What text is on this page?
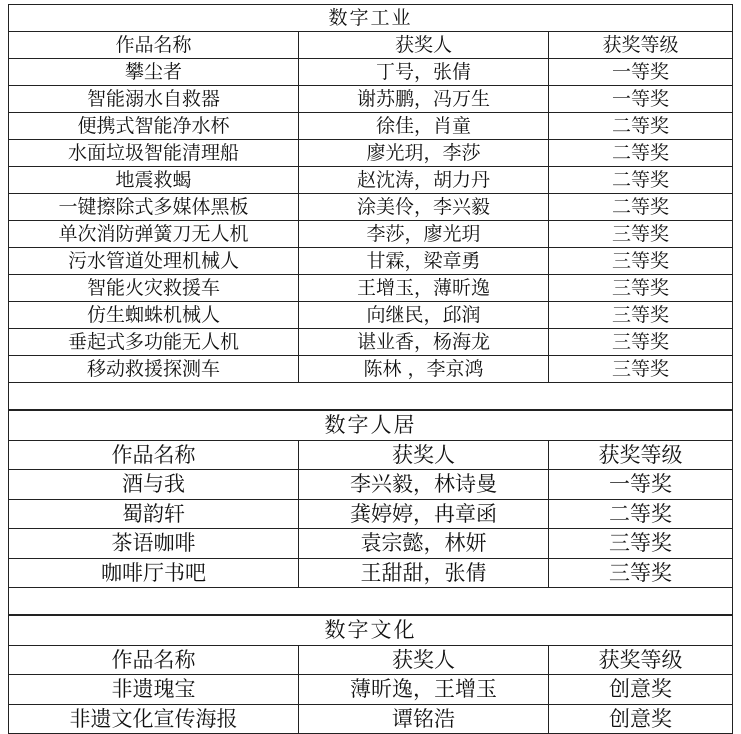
数字工业		
作品名称	获奖人	获奖等级
攀尘者	丁号，张倩	一等奖
智能溺水自救器	谢苏鹏，冯万生	一等奖
便携式智能净水杯	徐佳，肖童	二等奖
水面垃圾智能清理船	廖光玥，李莎	二等奖
地震救蝎	赵沈涛，胡力丹	二等奖
一键擦除式多媒体黑板	涂美伶，李兴毅	二等奖
单次消防弹簧刀无人机	李莎，廖光玥	三等奖
污水管道处理机械人	甘霖，梁章勇	三等奖
智能火灾救援车	王增玉，薄昕逸	三等奖
仿生蜘蛛机械人	向继民，邱润	三等奖
垂起式多功能无人机	谌业香，杨海龙	三等奖
移动救援探测车	陈林 ，李京鸿	三等奖

数字人居		
作品名称	获奖人	获奖等级
酒与我	李兴毅，林诗曼	一等奖
蜀韵轩	龚婷婷，冉章函	二等奖
茶语咖啡	袁宗懿，林妍	三等奖
咖啡厅书吧	王甜甜，张倩	三等奖

数字文化		
作品名称	获奖人	获奖等级
非遗瑰宝	薄昕逸，王增玉	创意奖
非遗文化宣传海报	谭铭浩	创意奖
